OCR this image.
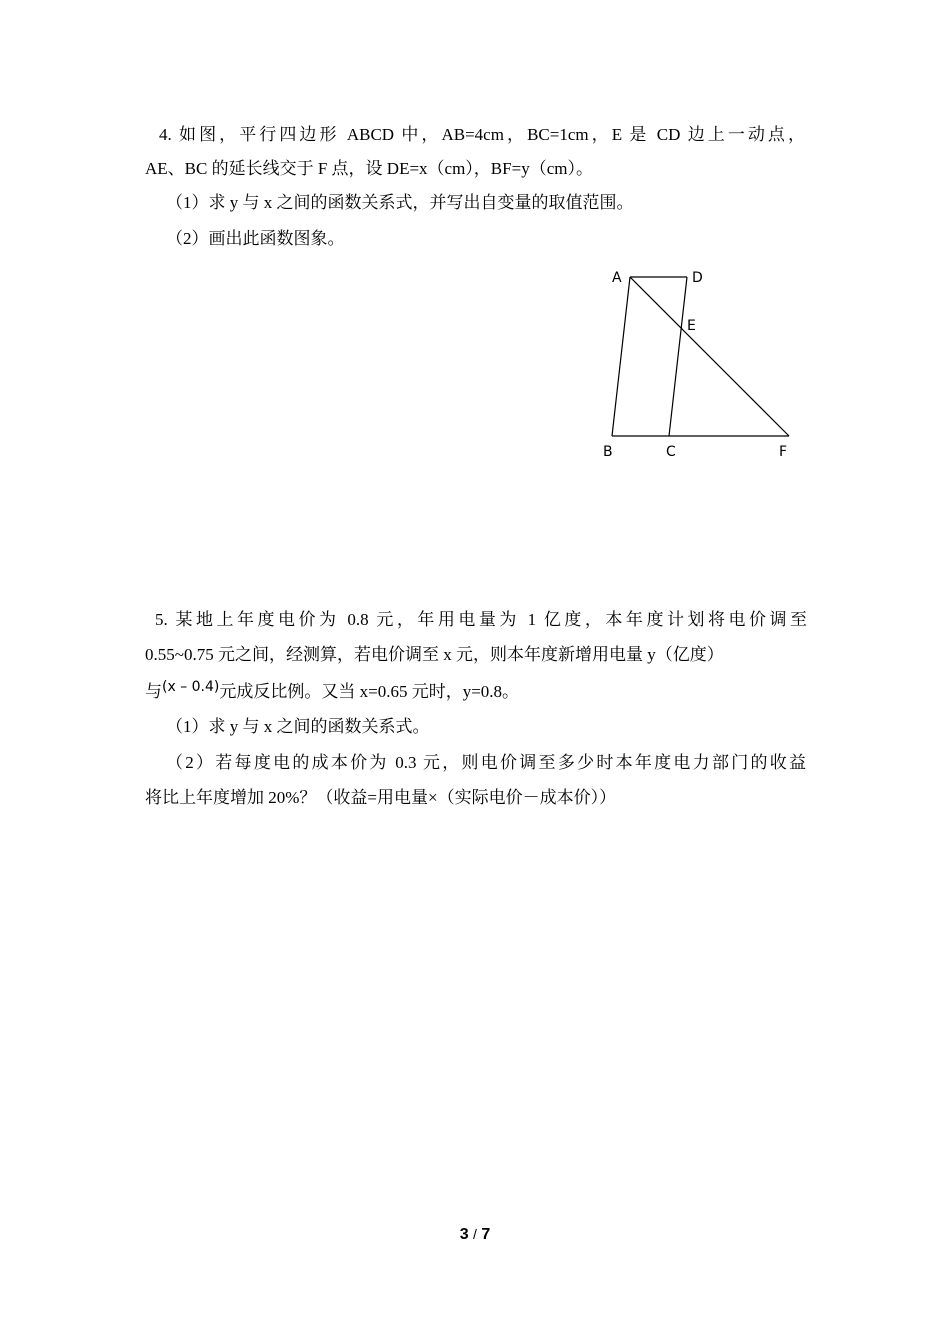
4. 如图，平行四边形 ABCD 中，AB=4cm，BC=1cm，E 是 CD 边上一动点，
AE、BC 的延长线交于 F 点，设 DE=x（cm），BF=y（cm）。
（1）求 y 与 x 之间的函数关系式，并写出自变量的取值范围。
（2）画出此函数图象。
A	D
E
B	C	F
5. 某地上年度电价为 0.8 元，年用电量为 1 亿度，本年度计划将电价调至
0.55~0.75 元之间，经测算，若电价调至 x 元，则本年度新增用电量 y（亿度）
与$^{(x - 0.4)}$元成反比例。又当 x=0.65 元时，y=0.8。
（1）求 y 与 x 之间的函数关系式。
（2）若每度电的成本价为 0.3 元，则电价调至多少时本年度电力部门的收益
将比上年度增加 20%？（收益=用电量×（实际电价－成本价））
3 / 7
